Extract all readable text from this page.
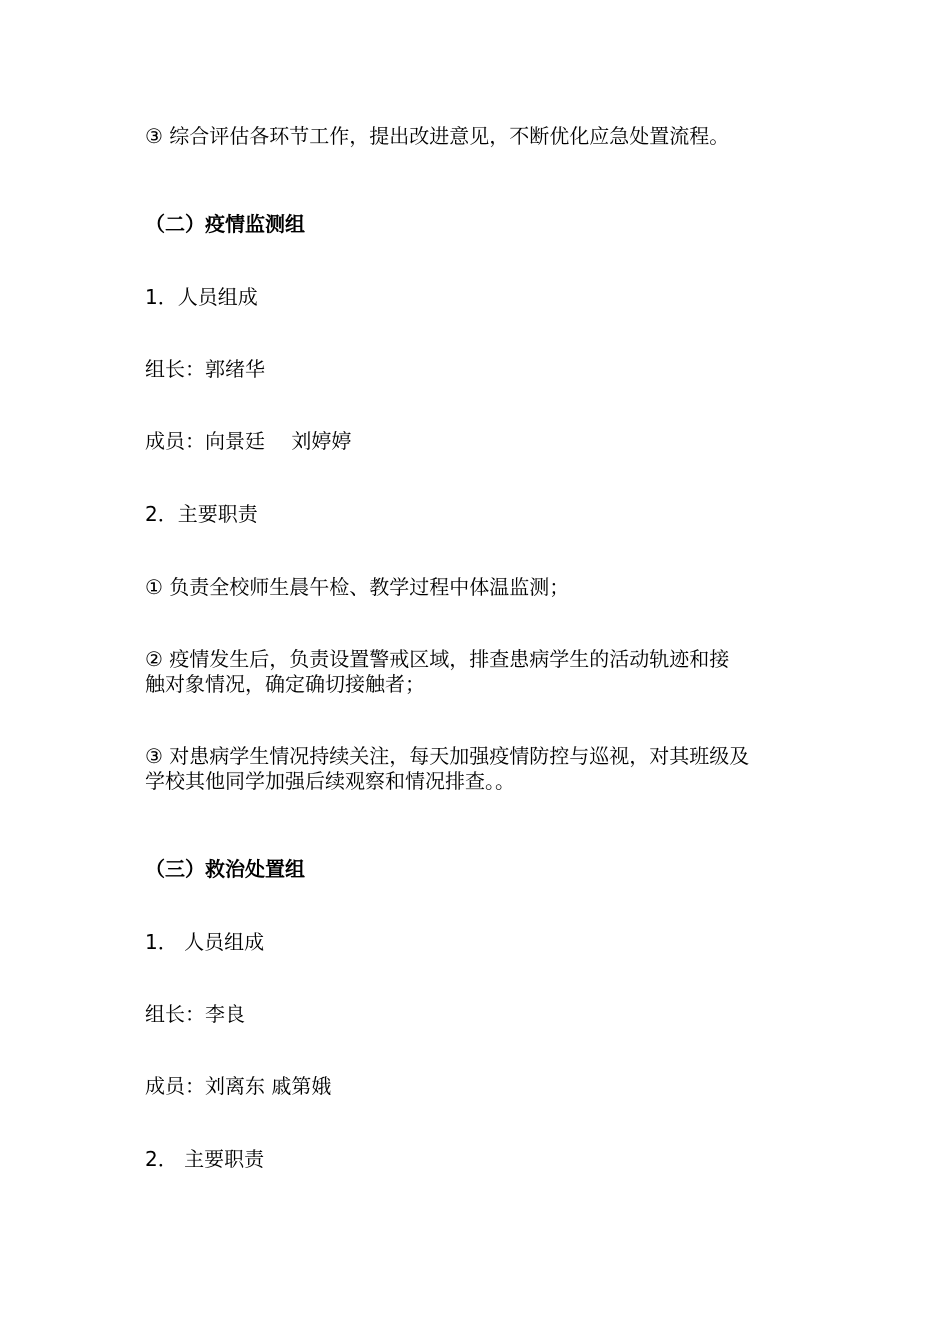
③ 综合评估各环节工作，提出改进意见，不断优化应急处置流程。
（二）疫情监测组
1．人员组成
组长：郭绪华
成员：向景廷　 刘婷婷
2．主要职责
① 负责全校师生晨午检、教学过程中体温监测；
② 疫情发生后，负责设置警戒区域，排查患病学生的活动轨迹和接
触对象情况，确定确切接触者；
③ 对患病学生情况持续关注，每天加强疫情防控与巡视，对其班级及
学校其他同学加强后续观察和情况排查。。
（三）救治处置组
1． 人员组成
组长：李良
成员：刘离东 戚第娥
2． 主要职责
